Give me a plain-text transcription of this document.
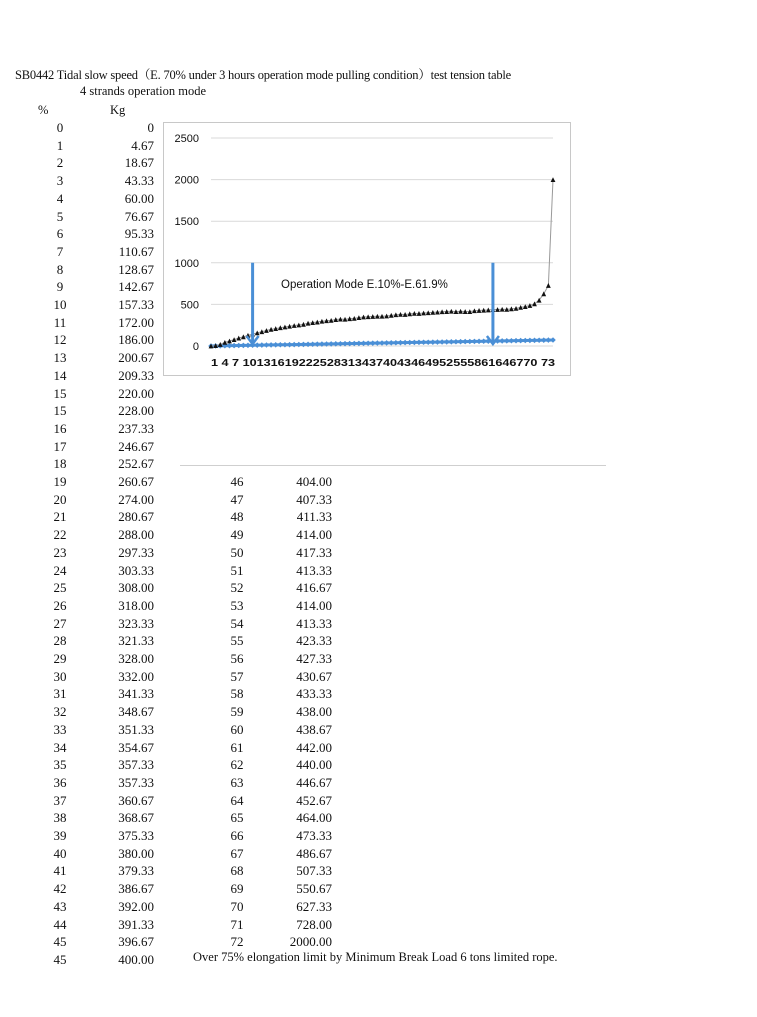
SB0442 Tidal slow speed（E. 70% under 3 hours operation mode pulling condition）test tension table
4 strands operation mode
%	Kg
0
1
2
3
4
5
6
7
8
9
10
11
12
13
14
15
15
16
17
18
19
20
21
22
23
24
25
26
27
28
29
30
31
32
33
34
35
36
37
38
39
40
41
42
43
44
45
45
0
4.67
18.67
43.33
60.00
76.67
95.33
110.67
128.67
142.67
157.33
172.00
186.00
200.67
209.33
220.00
228.00
237.33
246.67
252.67
260.67
274.00
280.67
288.00
297.33
303.33
308.00
318.00
323.33
321.33
328.00
332.00
341.33
348.67
351.33
354.67
357.33
357.33
360.67
368.67
375.33
380.00
379.33
386.67
392.00
391.33
396.67
400.00
0
500
1000
1500
2000
2500
1 4 7 101316192225283134374043464952555861646770 73
Operation Mode E.10%-E.61.9%
46
47
48
49
50
51
52
53
54
55
56
57
58
59
60
61
62
63
64
65
66
67
68
69
70
71
72
404.00
407.33
411.33
414.00
417.33
413.33
416.67
414.00
413.33
423.33
427.33
430.67
433.33
438.00
438.67
442.00
440.00
446.67
452.67
464.00
473.33
486.67
507.33
550.67
627.33
728.00
2000.00
Over 75% elongation limit by Minimum Break Load 6 tons limited rope.
